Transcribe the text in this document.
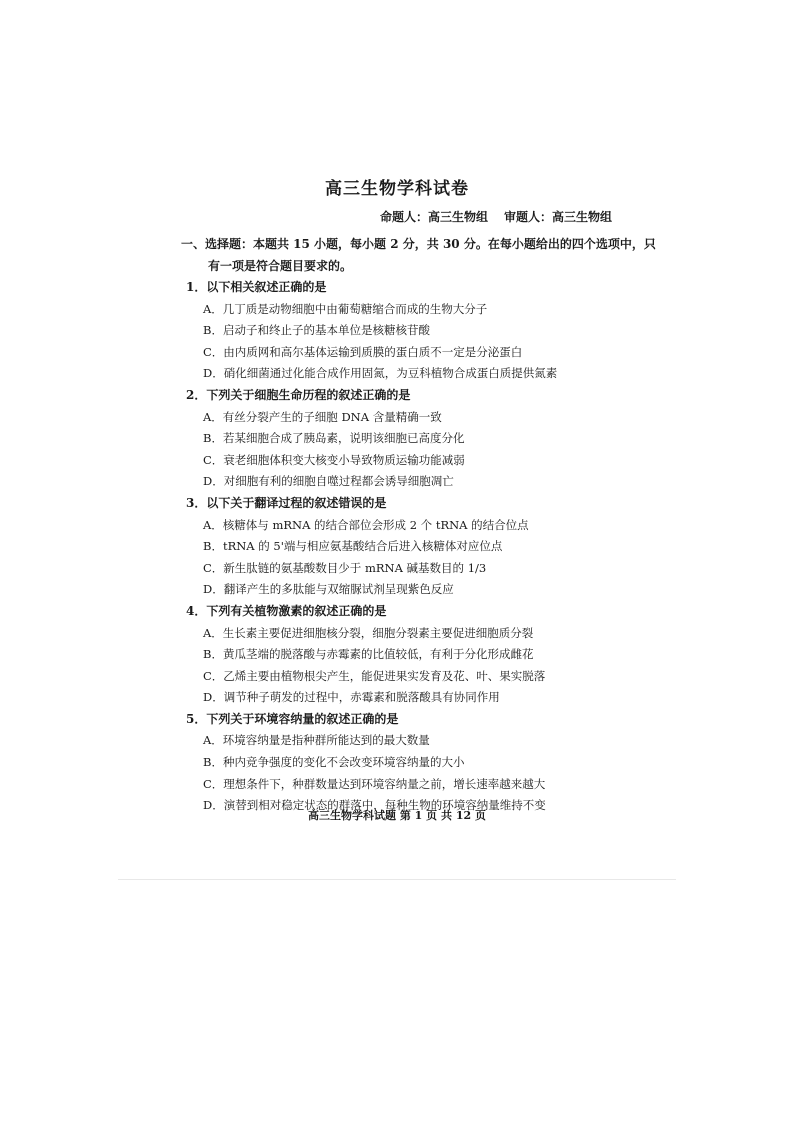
高三生物学科试卷
命题人：高三生物组 审题人：高三生物组
一、选择题：本题共 15 小题，每小题 2 分，共 30 分。在每小题给出的四个选项中，只
有一项是符合题目要求的。
1．以下相关叙述正确的是
A．几丁质是动物细胞中由葡萄糖缩合而成的生物大分子
B．启动子和终止子的基本单位是核糖核苷酸
C．由内质网和高尔基体运输到质膜的蛋白质不一定是分泌蛋白
D．硝化细菌通过化能合成作用固氮，为豆科植物合成蛋白质提供氮素
2．下列关于细胞生命历程的叙述正确的是
A．有丝分裂产生的子细胞 DNA 含量精确一致
B．若某细胞合成了胰岛素，说明该细胞已高度分化
C．衰老细胞体积变大核变小导致物质运输功能减弱
D．对细胞有利的细胞自噬过程都会诱导细胞凋亡
3．以下关于翻译过程的叙述错误的是
A．核糖体与 mRNA 的结合部位会形成 2 个 tRNA 的结合位点
B．tRNA 的 5'端与相应氨基酸结合后进入核糖体对应位点
C．新生肽链的氨基酸数目少于 mRNA 碱基数目的 1/3
D．翻译产生的多肽能与双缩脲试剂呈现紫色反应
4．下列有关植物激素的叙述正确的是
A．生长素主要促进细胞核分裂，细胞分裂素主要促进细胞质分裂
B．黄瓜茎端的脱落酸与赤霉素的比值较低，有利于分化形成雌花
C．乙烯主要由植物根尖产生，能促进果实发育及花、叶、果实脱落
D．调节种子萌发的过程中，赤霉素和脱落酸具有协同作用
5．下列关于环境容纳量的叙述正确的是
A．环境容纳量是指种群所能达到的最大数量
B．种内竞争强度的变化不会改变环境容纳量的大小
C．理想条件下，种群数量达到环境容纳量之前，增长速率越来越大
D．演替到相对稳定状态的群落中，每种生物的环境容纳量维持不变
高三生物学科试题 第 1 页 共 12 页
